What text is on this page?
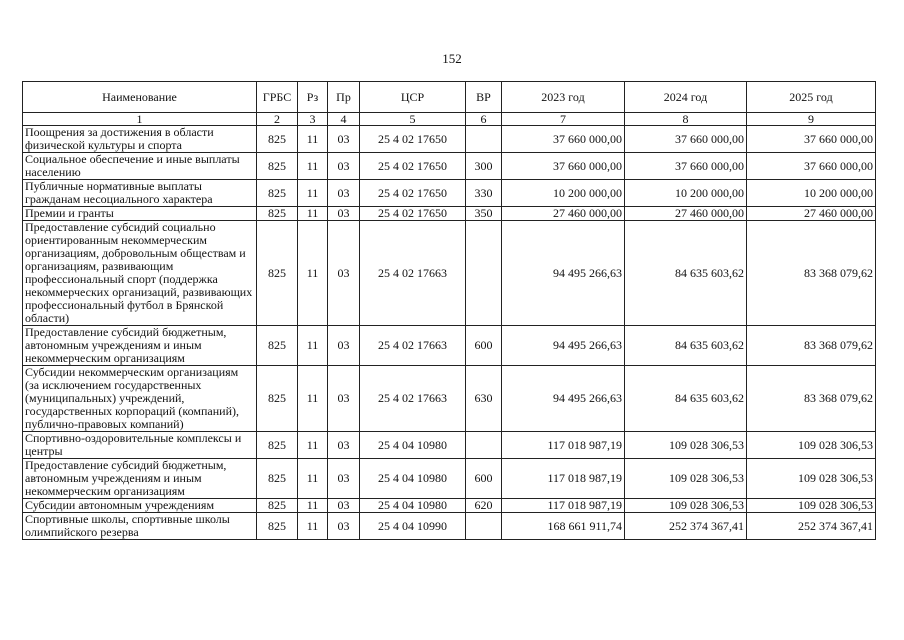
152
Наименование	ГРБС	Рз	Пр	ЦСР	ВР	2023 год	2024 год	2025 год
1	2	3	4	5	6	7	8	9
Поощрения за достижения в области физической культуры и спорта	825	11	03	25 4 02 17650		37 660 000,00	37 660 000,00	37 660 000,00
Социальное обеспечение и иные выплаты населению	825	11	03	25 4 02 17650	300	37 660 000,00	37 660 000,00	37 660 000,00
Публичные нормативные выплаты гражданам несоциального характера	825	11	03	25 4 02 17650	330	10 200 000,00	10 200 000,00	10 200 000,00
Премии и гранты	825	11	03	25 4 02 17650	350	27 460 000,00	27 460 000,00	27 460 000,00
Предоставление субсидий социально ориентированным некоммерческим организациям, добровольным обществам и организациям, развивающим профессиональный спорт (поддержка некоммерческих организаций, развивающих профессиональный футбол в Брянской области)	825	11	03	25 4 02 17663		94 495 266,63	84 635 603,62	83 368 079,62
Предоставление субсидий бюджетным, автономным учреждениям и иным некоммерческим организациям	825	11	03	25 4 02 17663	600	94 495 266,63	84 635 603,62	83 368 079,62
Субсидии некоммерческим организациям (за исключением государственных (муниципальных) учреждений, государственных корпораций (компаний), публично-правовых компаний)	825	11	03	25 4 02 17663	630	94 495 266,63	84 635 603,62	83 368 079,62
Спортивно-оздоровительные комплексы и центры	825	11	03	25 4 04 10980		117 018 987,19	109 028 306,53	109 028 306,53
Предоставление субсидий бюджетным, автономным учреждениям и иным некоммерческим организациям	825	11	03	25 4 04 10980	600	117 018 987,19	109 028 306,53	109 028 306,53
Субсидии автономным учреждениям	825	11	03	25 4 04 10980	620	117 018 987,19	109 028 306,53	109 028 306,53
Спортивные школы, спортивные школы олимпийского резерва	825	11	03	25 4 04 10990		168 661 911,74	252 374 367,41	252 374 367,41
